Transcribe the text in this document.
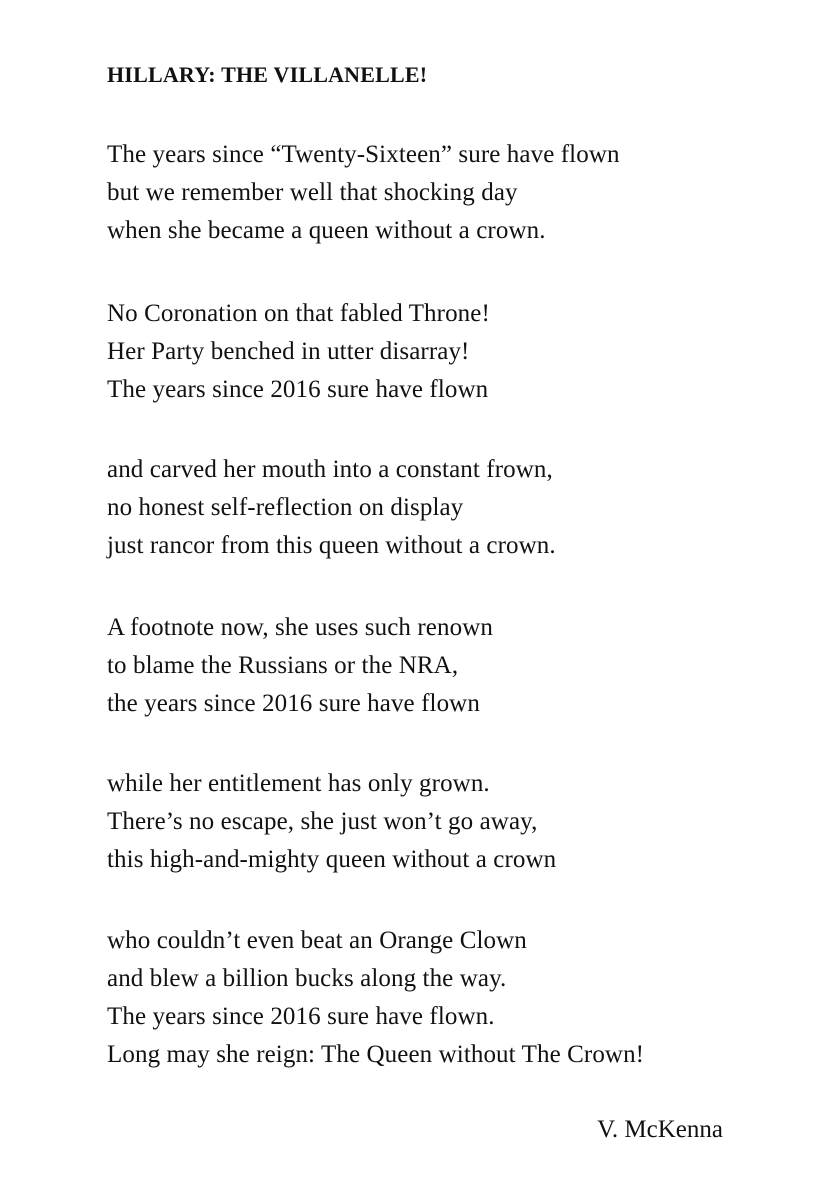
HILLARY: THE VILLANELLE!
The years since “Twenty-Sixteen” sure have flown
but we remember well that shocking day
when she became a queen without a crown.
No Coronation on that fabled Throne!
Her Party benched in utter disarray!
The years since 2016 sure have flown
and carved her mouth into a constant frown,
no honest self-reflection on display
just rancor from this queen without a crown.
A footnote now, she uses such renown
to blame the Russians or the NRA,
the years since 2016 sure have flown
while her entitlement has only grown.
There’s no escape, she just won’t go away,
this high-and-mighty queen without a crown
who couldn’t even beat an Orange Clown
and blew a billion bucks along the way.
The years since 2016 sure have flown.
Long may she reign: The Queen without The Crown!
V. McKenna
